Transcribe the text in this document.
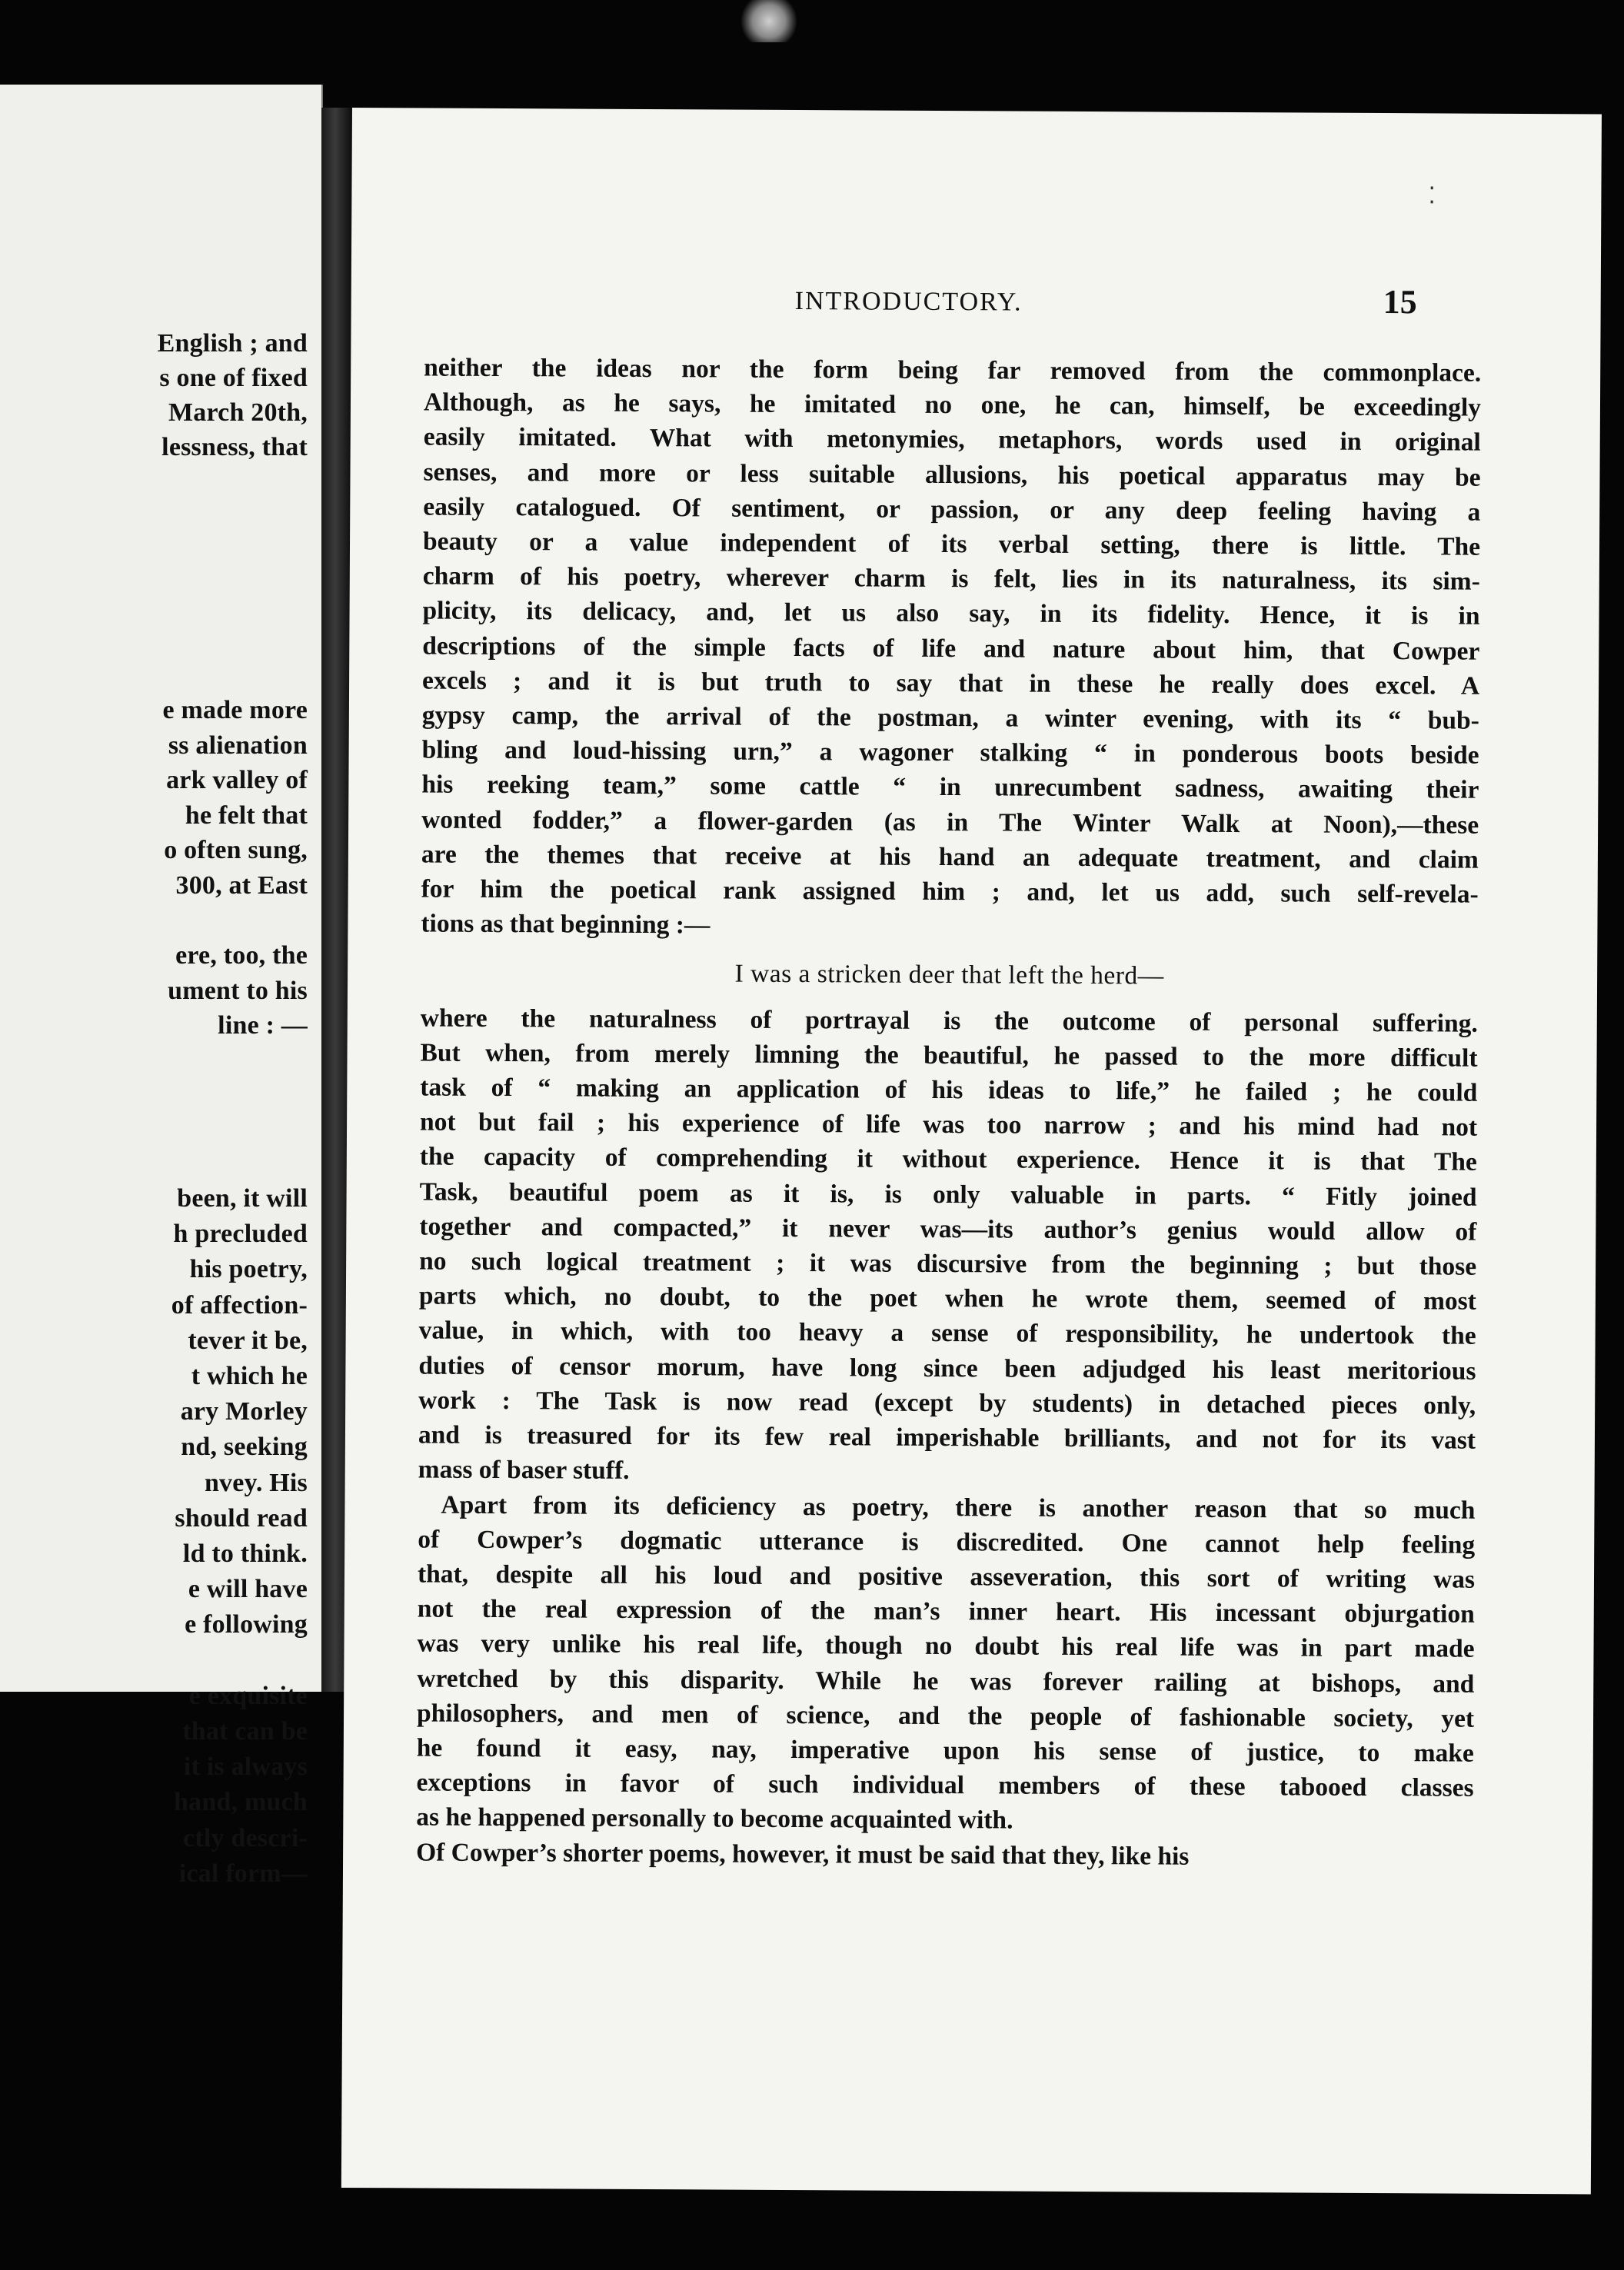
English ; and
s one of fixed
March 20th,
lessness, that
e made more
ss alienation
ark valley of
he felt that
o often sung,
300, at East
ere, too, the
ument to his
line : —
been, it will
h precluded
his poetry,
of affection-
tever it be,
t which he
ary Morley
nd, seeking
nvey. His
should read
ld to think.
e will have
e following
e exquisite
that can be
it is always
hand, much
ctly descri-
ical form—
INTRODUCTORY.	15
⁚

neither the ideas nor the form being far removed from the commonplace.
Although, as he says, he imitated no one, he can, himself, be exceedingly
easily imitated. What with metonymies, metaphors, words used in original
senses, and more or less suitable allusions, his poetical apparatus may be
easily catalogued. Of sentiment, or passion, or any deep feeling having a
beauty or a value independent of its verbal setting, there is little. The
charm of his poetry, wherever charm is felt, lies in its naturalness, its sim-
plicity, its delicacy, and, let us also say, in its fidelity. Hence, it is in
descriptions of the simple facts of life and nature about him, that Cowper
excels ; and it is but truth to say that in these he really does excel. A
gypsy camp, the arrival of the postman, a winter evening, with its “ bub-
bling and loud-hissing urn,” a wagoner stalking “ in ponderous boots beside
his reeking team,” some cattle “ in unrecumbent sadness, awaiting their
wonted fodder,” a flower-garden (as in The Winter Walk at Noon),—these
are the themes that receive at his hand an adequate treatment, and claim
for him the poetical rank assigned him ; and, let us add, such self-revela-
tions as that beginning :—

I was a stricken deer that left the herd—

where the naturalness of portrayal is the outcome of personal suffering.
But when, from merely limning the beautiful, he passed to the more difficult
task of “ making an application of his ideas to life,” he failed ; he could
not but fail ; his experience of life was too narrow ; and his mind had not
the capacity of comprehending it without experience. Hence it is that The
Task, beautiful poem as it is, is only valuable in parts. “ Fitly joined
together and compacted,” it never was—its author’s genius would allow of
no such logical treatment ; it was discursive from the beginning ; but those
parts which, no doubt, to the poet when he wrote them, seemed of most
value, in which, with too heavy a sense of responsibility, he undertook the
duties of censor morum, have long since been adjudged his least meritorious
work : The Task is now read (except by students) in detached pieces only,
and is treasured for its few real imperishable brilliants, and not for its vast
mass of baser stuff.

Apart from its deficiency as poetry, there is another reason that so much
of Cowper’s dogmatic utterance is discredited. One cannot help feeling
that, despite all his loud and positive asseveration, this sort of writing was
not the real expression of the man’s inner heart. His incessant objurgation
was very unlike his real life, though no doubt his real life was in part made
wretched by this disparity. While he was forever railing at bishops, and
philosophers, and men of science, and the people of fashionable society, yet
he found it easy, nay, imperative upon his sense of justice, to make
exceptions in favor of such individual members of these tabooed classes
as he happened personally to become acquainted with.

Of Cowper’s shorter poems, however, it must be said that they, like his
